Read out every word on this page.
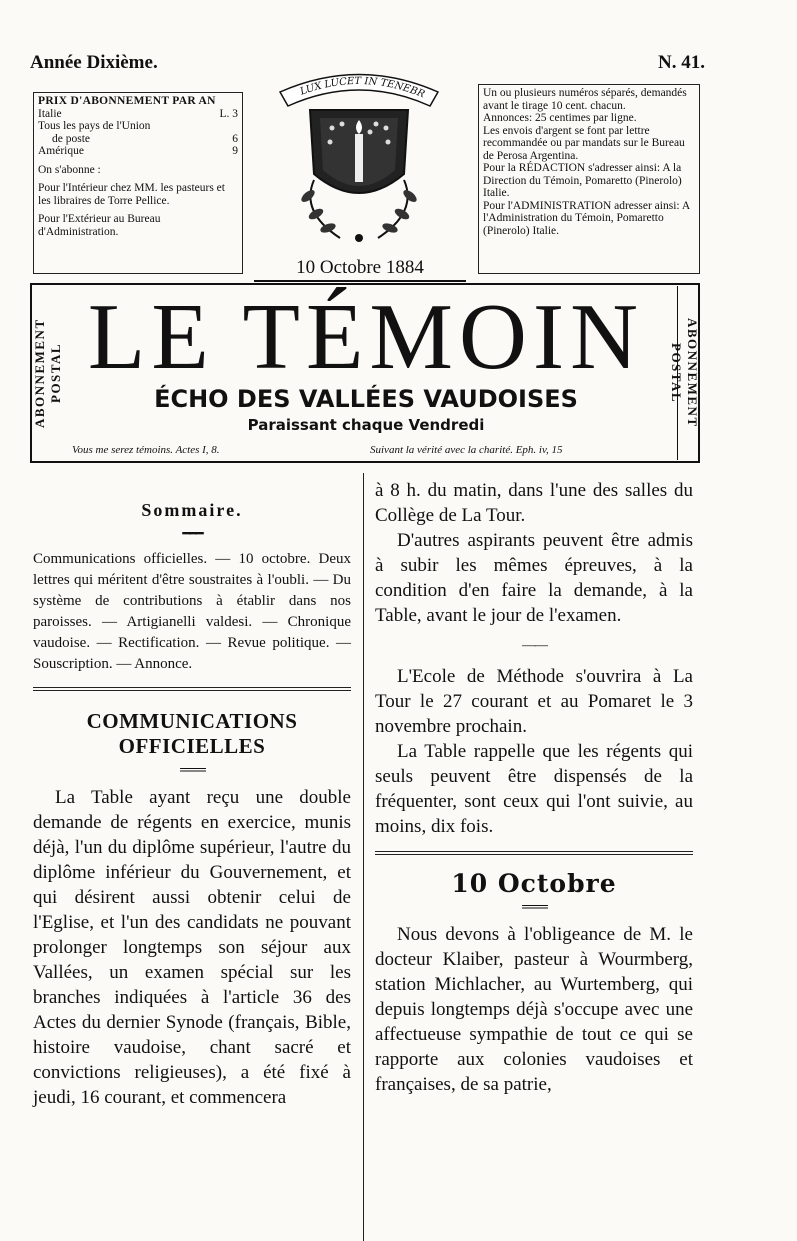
Année Dixième.	N. 41.
PRIX D'ABONNEMENT PAR AN
Italie	L. 3
Tous les pays de l'Union
de poste	6
Amérique	9
On s'abonne :
Pour l'Intérieur chez MM. les pasteurs et les libraires de Torre Pellice.
Pour l'Extérieur au Bureau d'Administration.
LUX LUCET IN TENEBR
10 Octobre 1884
Un ou plusieurs numéros séparés, demandés avant le tirage 10 cent. chacun.
Annonces: 25 centimes par ligne.
Les envois d'argent se font par lettre recommandée ou par mandats sur le Bureau de Perosa Argentina.
Pour la RÉDACTION s'adresser ainsi: A la Direction du Témoin, Pomaretto (Pinerolo) Italie.
Pour l'ADMINISTRATION adresser ainsi: A l'Administration du Témoin, Pomaretto (Pinerolo) Italie.
ABONNEMENT POSTAL	ABONNEMENT POSTAL
LE TÉMOIN
ÉCHO DES VALLÉES VAUDOISES
Paraissant chaque Vendredi
Vous me serez témoins. Actes I, 8.	Suivant la vérité avec la charité. Eph. iv, 15
Sommaire.
━━━
Communications officielles. — 10 octobre. Deux lettres qui méritent d'être soustraites à l'oubli. — Du système de contributions à établir dans nos paroisses. — Artigianelli valdesi. — Chronique vaudoise. — Rectification. — Revue politique. — Souscription. — Annonce.
COMMUNICATIONS OFFICIELLES
═══

La Table ayant reçu une double demande de régents en exercice, munis déjà, l'un du diplôme supérieur, l'autre du diplôme inférieur du Gouvernement, et qui désirent aussi obtenir celui de l'Eglise, et l'un des candidats ne pouvant prolonger longtemps son séjour aux Vallées, un examen spécial sur les branches indiquées à l'article 36 des Actes du dernier Synode (français, Bible, histoire vaudoise, chant sacré et convictions religieuses), a été fixé à jeudi, 16 courant, et commencera

à 8 h. du matin, dans l'une des salles du Collège de La Tour.

D'autres aspirants peuvent être admis à subir les mêmes épreuves, à la condition d'en faire la demande, à la Table, avant le jour de l'examen.

——

L'Ecole de Méthode s'ouvrira à La Tour le 27 courant et au Pomaret le 3 novembre prochain.

La Table rappelle que les régents qui seuls peuvent être dispensés de la fréquenter, sont ceux qui l'ont suivie, au moins, dix fois.

10 Octobre
═══

Nous devons à l'obligeance de M. le docteur Klaiber, pasteur à Wourmberg, station Michlacher, au Wurtemberg, qui depuis longtemps déjà s'occupe avec une affectueuse sympathie de tout ce qui se rapporte aux colonies vaudoises et françaises, de sa patrie,
